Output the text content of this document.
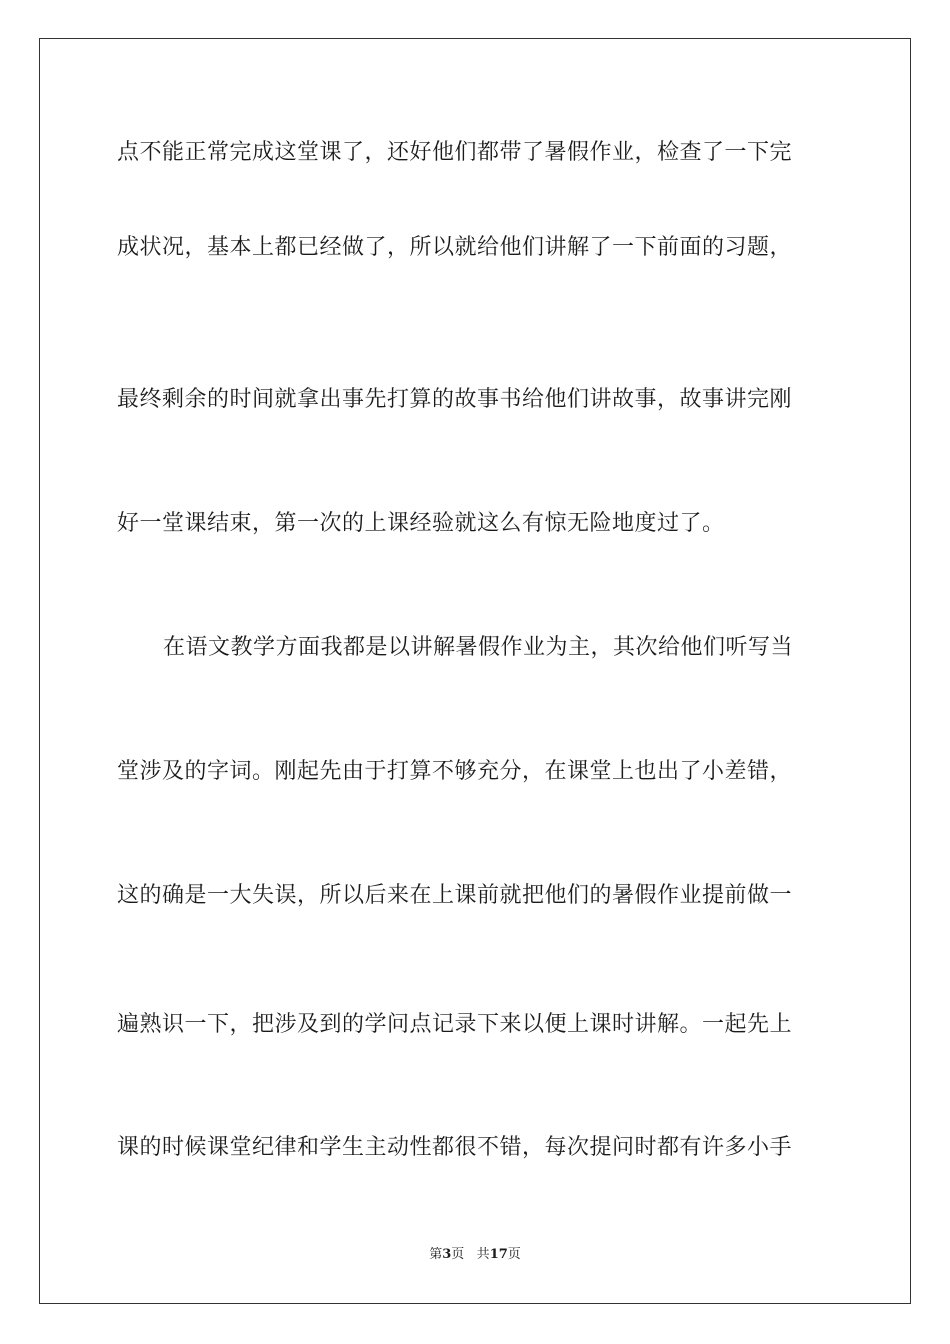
点不能正常完成这堂课了，还好他们都带了暑假作业，检查了一下完
成状况，基本上都已经做了，所以就给他们讲解了一下前面的习题，
最终剩余的时间就拿出事先打算的故事书给他们讲故事，故事讲完刚
好一堂课结束，第一次的上课经验就这么有惊无险地度过了。
在语文教学方面我都是以讲解暑假作业为主，其次给他们听写当
堂涉及的字词。刚起先由于打算不够充分，在课堂上也出了小差错，
这的确是一大失误，所以后来在上课前就把他们的暑假作业提前做一
遍熟识一下，把涉及到的学问点记录下来以便上课时讲解。一起先上
课的时候课堂纪律和学生主动性都很不错，每次提问时都有许多小手
第3页 共17页
